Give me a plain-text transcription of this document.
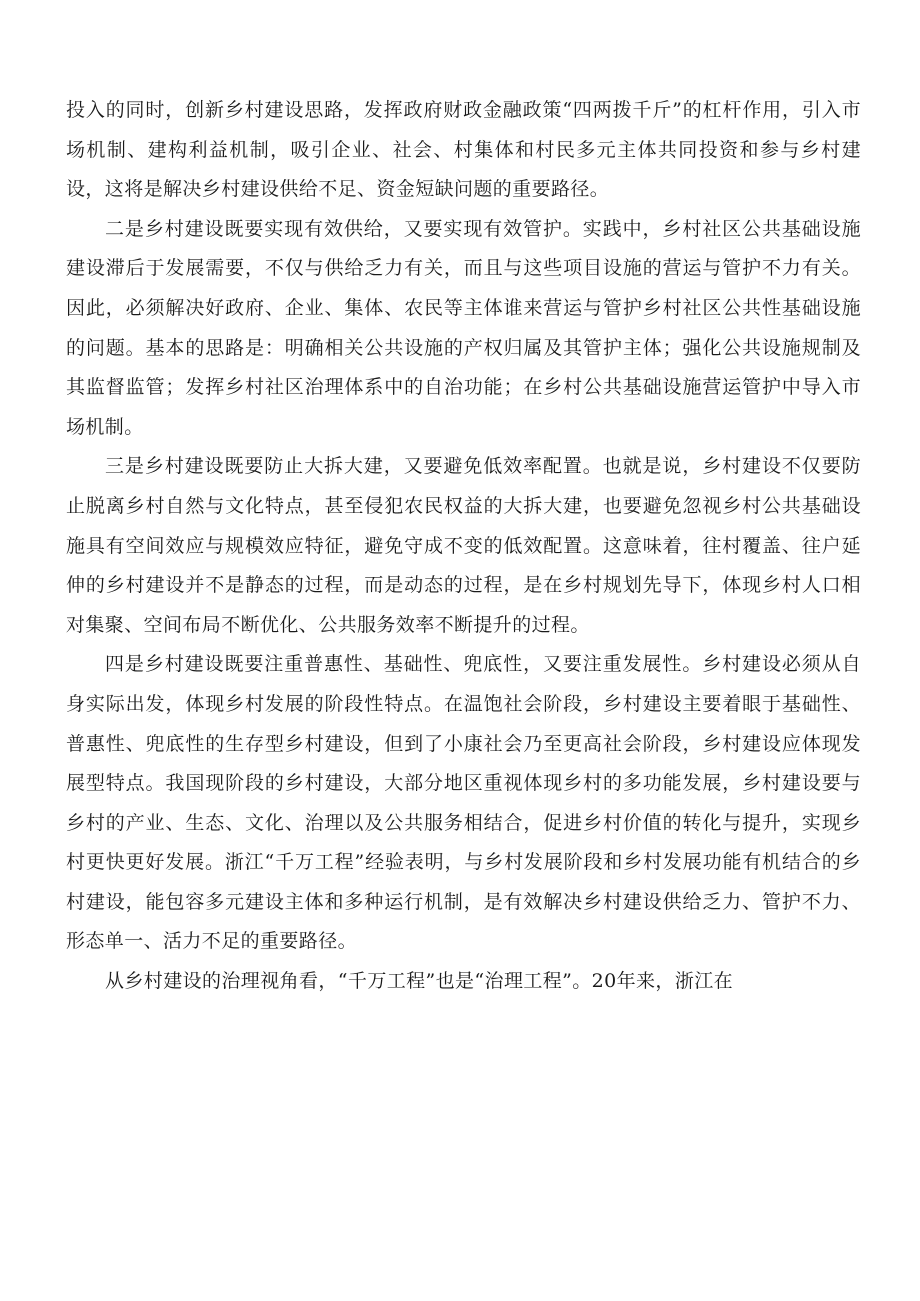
投入的同时，创新乡村建设思路，发挥政府财政金融政策“四两拨千斤”的杠杆作用，引入市场机制、建构利益机制，吸引企业、社会、村集体和村民多元主体共同投资和参与乡村建设，这将是解决乡村建设供给不足、资金短缺问题的重要路径。

二是乡村建设既要实现有效供给，又要实现有效管护。实践中，乡村社区公共基础设施建设滞后于发展需要，不仅与供给乏力有关，而且与这些项目设施的营运与管护不力有关。因此，必须解决好政府、企业、集体、农民等主体谁来营运与管护乡村社区公共性基础设施的问题。基本的思路是：明确相关公共设施的产权归属及其管护主体；强化公共设施规制及其监督监管；发挥乡村社区治理体系中的自治功能；在乡村公共基础设施营运管护中导入市场机制。

三是乡村建设既要防止大拆大建，又要避免低效率配置。也就是说，乡村建设不仅要防止脱离乡村自然与文化特点，甚至侵犯农民权益的大拆大建，也要避免忽视乡村公共基础设施具有空间效应与规模效应特征，避免守成不变的低效配置。这意味着，往村覆盖、往户延伸的乡村建设并不是静态的过程，而是动态的过程，是在乡村规划先导下，体现乡村人口相对集聚、空间布局不断优化、公共服务效率不断提升的过程。

四是乡村建设既要注重普惠性、基础性、兜底性，又要注重发展性。乡村建设必须从自身实际出发，体现乡村发展的阶段性特点。在温饱社会阶段，乡村建设主要着眼于基础性、普惠性、兜底性的生存型乡村建设，但到了小康社会乃至更高社会阶段，乡村建设应体现发展型特点。我国现阶段的乡村建设，大部分地区重视体现乡村的多功能发展，乡村建设要与乡村的产业、生态、文化、治理以及公共服务相结合，促进乡村价值的转化与提升，实现乡村更快更好发展。浙江“千万工程”经验表明，与乡村发展阶段和乡村发展功能有机结合的乡村建设，能包容多元建设主体和多种运行机制，是有效解决乡村建设供给乏力、管护不力、形态单一、活力不足的重要路径。

从乡村建设的治理视角看，“千万工程”也是“治理工程”。20年来，浙江在
